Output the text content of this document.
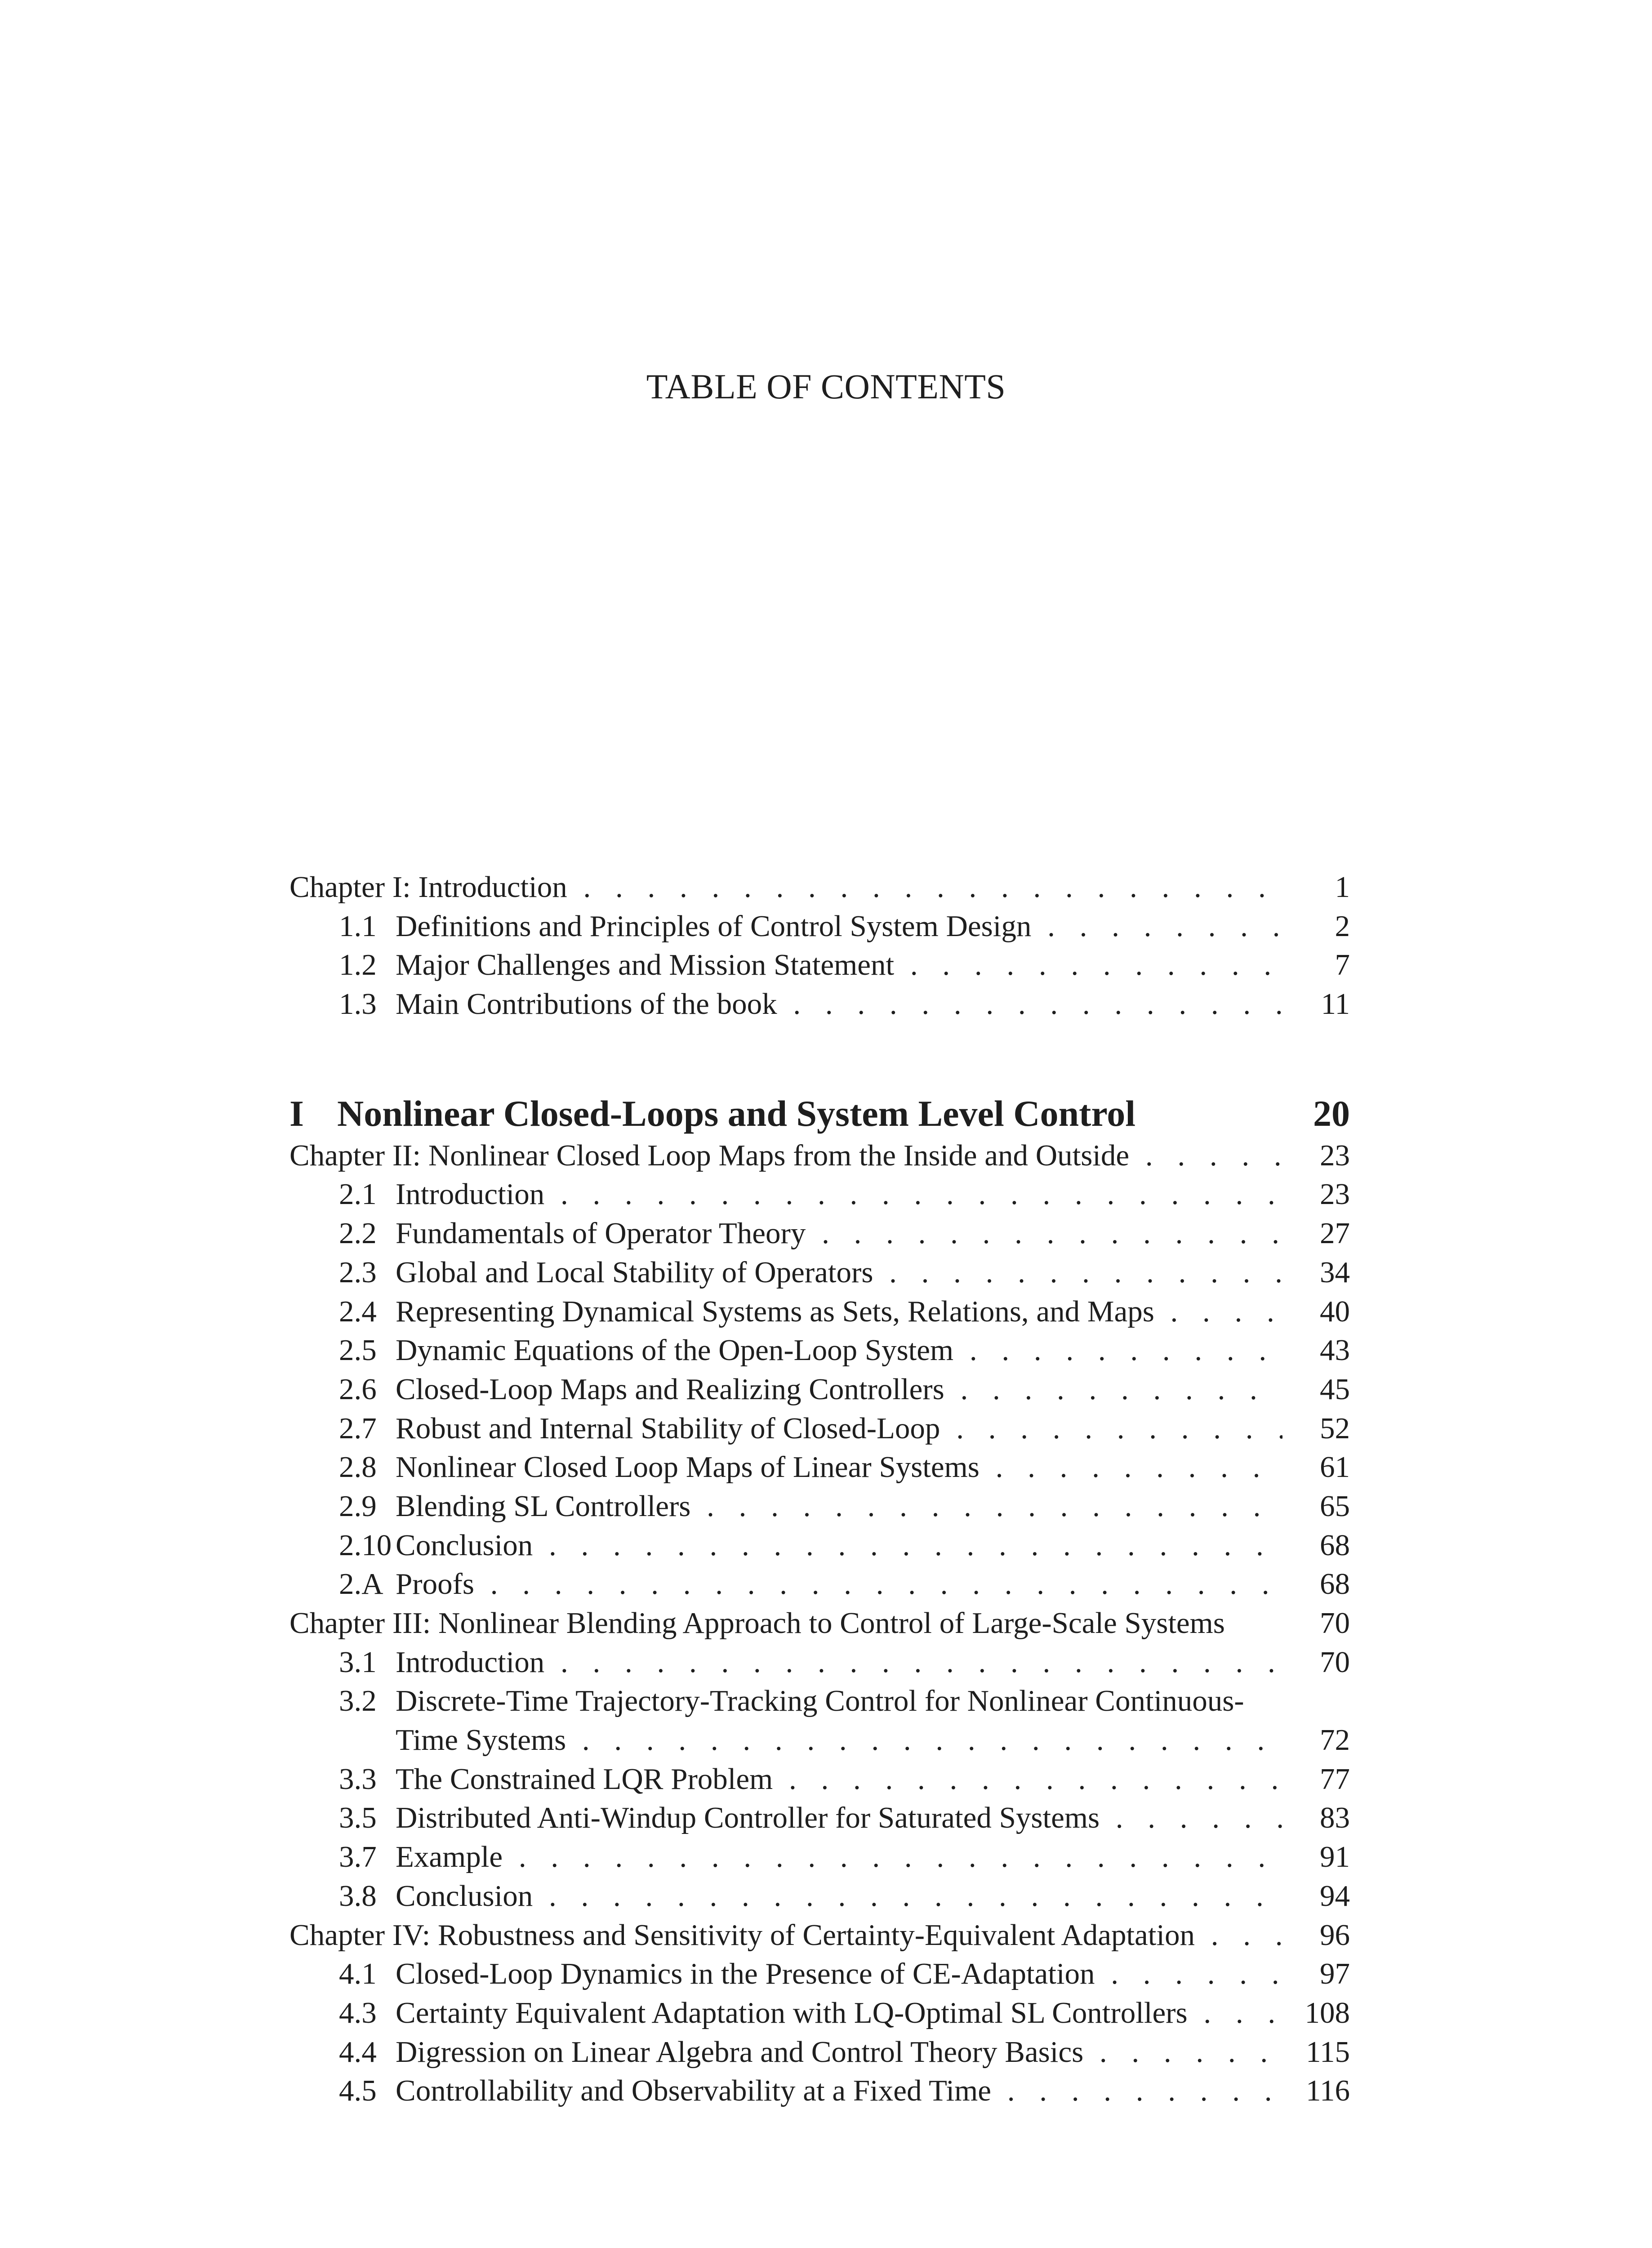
TABLE OF CONTENTS
Chapter I: Introduction . . .	1
1.1 Definitions and Principles of Control System Design . . .	2
1.2 Major Challenges and Mission Statement . . .	7
1.3 Main Contributions of the book . . .	11
I Nonlinear Closed-Loops and System Level Control	20
Chapter II: Nonlinear Closed Loop Maps from the Inside and Outside . . .	23
2.1 Introduction . . .	23
2.2 Fundamentals of Operator Theory . . .	27
2.3 Global and Local Stability of Operators . . .	34
2.4 Representing Dynamical Systems as Sets, Relations, and Maps . . .	40
2.5 Dynamic Equations of the Open-Loop System . . .	43
2.6 Closed-Loop Maps and Realizing Controllers . . .	45
2.7 Robust and Internal Stability of Closed-Loop . . .	52
2.8 Nonlinear Closed Loop Maps of Linear Systems . . .	61
2.9 Blending SL Controllers . . .	65
2.10 Conclusion . . .	68
2.A Proofs . . .	68
Chapter III: Nonlinear Blending Approach to Control of Large-Scale Systems	70
3.1 Introduction . . .	70
3.2 Discrete-Time Trajectory-Tracking Control for Nonlinear Continuous-
Time Systems . . .	72
3.3 The Constrained LQR Problem . . .	77
3.5 Distributed Anti-Windup Controller for Saturated Systems . . .	83
3.7 Example . . .	91
3.8 Conclusion . . .	94
Chapter IV: Robustness and Sensitivity of Certainty-Equivalent Adaptation . . .	96
4.1 Closed-Loop Dynamics in the Presence of CE-Adaptation . . .	97
4.3 Certainty Equivalent Adaptation with LQ-Optimal SL Controllers . . .	108
4.4 Digression on Linear Algebra and Control Theory Basics . . .	115
4.5 Controllability and Observability at a Fixed Time . . .	116
